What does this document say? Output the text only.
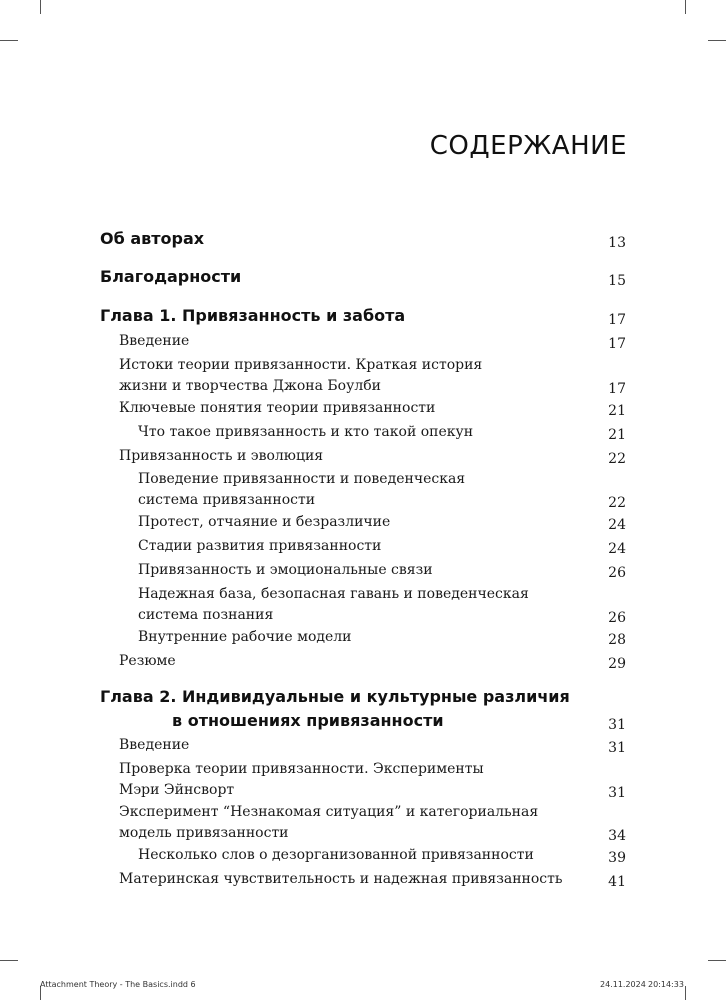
СОДЕРЖАНИЕ
Об авторах	13
Благодарности	15
Глава 1. Привязанность и забота	17
Введение	17
Истоки теории привязанности. Краткая история
жизни и творчества Джона Боулби	17
Ключевые понятия теории привязанности	21
Что такое привязанность и кто такой опекун	21
Привязанность и эволюция	22
Поведение привязанности и поведенческая
система привязанности	22
Протест, отчаяние и безразличие	24
Стадии развития привязанности	24
Привязанность и эмоциональные связи	26
Надежная база, безопасная гавань и поведенческая
система познания	26
Внутренние рабочие модели	28
Резюме	29
Глава 2. Индивидуальные и культурные различия
в отношениях привязанности	31
Введение	31
Проверка теории привязанности. Эксперименты
Мэри Эйнсворт	31
Эксперимент “Незнакомая ситуация” и категориальная
модель привязанности	34
Несколько слов о дезорганизованной привязанности	39
Материнская чувствительность и надежная привязанность	41
Attachment Theory - The Basics.indd 6	24.11.2024 20:14:33
